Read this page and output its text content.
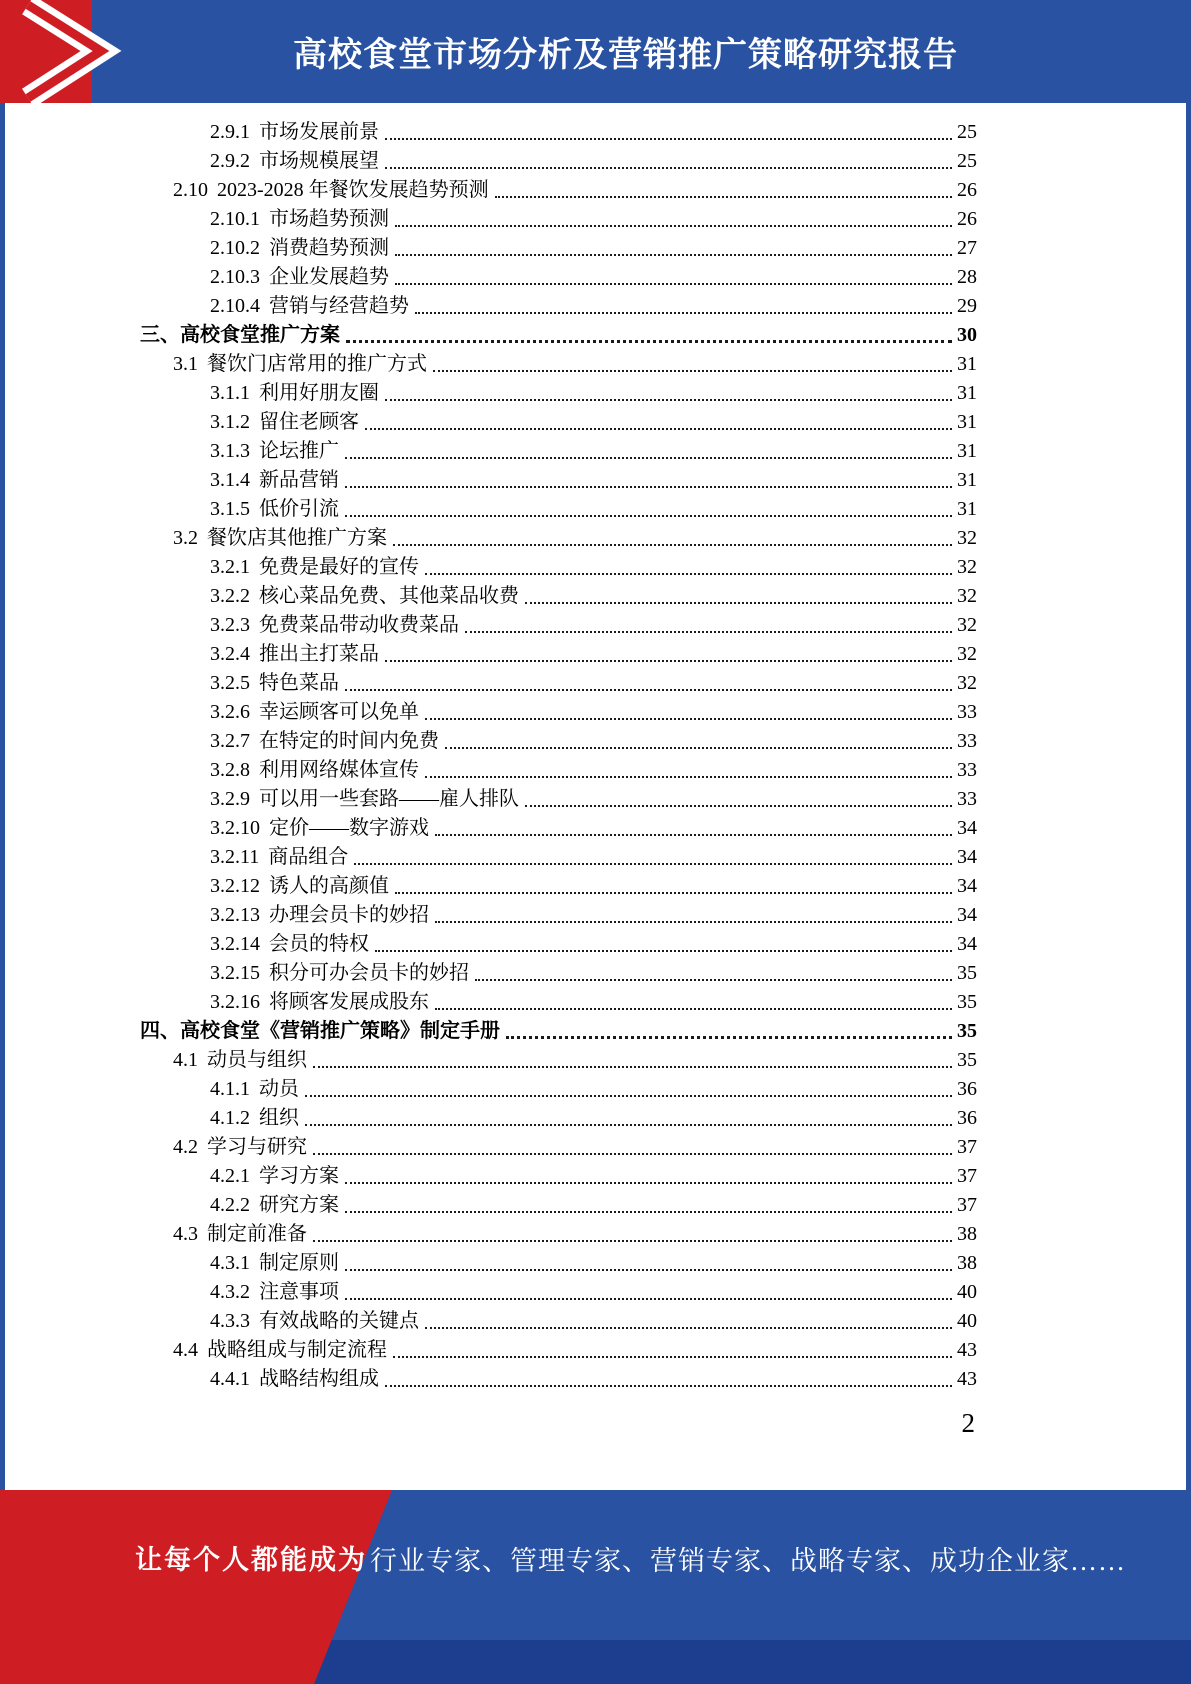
高校食堂市场分析及营销推广策略研究报告
2.9.1 市场发展前景	25
2.9.2 市场规模展望	25
2.10 2023-2028 年餐饮发展趋势预测	26
2.10.1 市场趋势预测	26
2.10.2 消费趋势预测	27
2.10.3 企业发展趋势	28
2.10.4 营销与经营趋势	29
三、 高校食堂推广方案	30
3.1 餐饮门店常用的推广方式	31
3.1.1 利用好朋友圈	31
3.1.2 留住老顾客	31
3.1.3 论坛推广	31
3.1.4 新品营销	31
3.1.5 低价引流	31
3.2 餐饮店其他推广方案	32
3.2.1 免费是最好的宣传	32
3.2.2 核心菜品免费、其他菜品收费	32
3.2.3 免费菜品带动收费菜品	32
3.2.4 推出主打菜品	32
3.2.5 特色菜品	32
3.2.6 幸运顾客可以免单	33
3.2.7 在特定的时间内免费	33
3.2.8 利用网络媒体宣传	33
3.2.9 可以用一些套路——雇人排队	33
3.2.10 定价——数字游戏	34
3.2.11 商品组合	34
3.2.12 诱人的高颜值	34
3.2.13 办理会员卡的妙招	34
3.2.14 会员的特权	34
3.2.15 积分可办会员卡的妙招	35
3.2.16 将顾客发展成股东	35
四、 高校食堂《营销推广策略》制定手册	35
4.1 动员与组织	35
4.1.1 动员	36
4.1.2 组织	36
4.2 学习与研究	37
4.2.1 学习方案	37
4.2.2 研究方案	37
4.3 制定前准备	38
4.3.1 制定原则	38
4.3.2 注意事项	40
4.3.3 有效战略的关键点	40
4.4 战略组成与制定流程	43
4.4.1 战略结构组成	43
2
让每个人都能成为 行业专家、管理专家、营销专家、战略专家、成功企业家……
